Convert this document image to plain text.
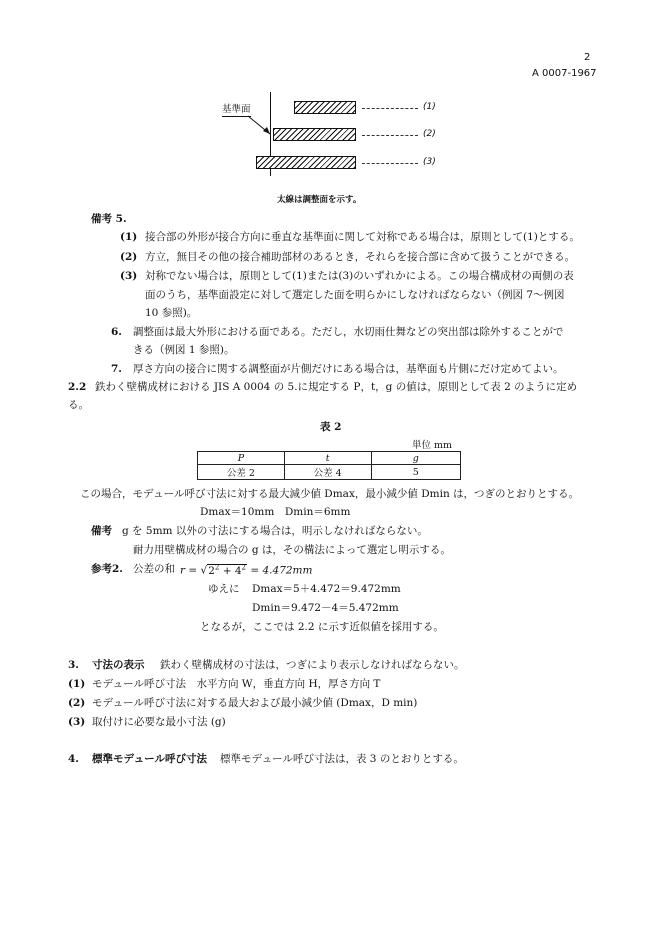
2
A 0007-1967
基準面	(1)
(2)
(3)
太線は調整面を示す。
備考 5.
(1) 接合部の外形が接合方向に垂直な基準面に関して対称である場合は，原則として(1)とする。
(2) 方立，無目その他の接合補助部材のあるとき，それらを接合部に含めて扱うことができる。
(3) 対称でない場合は，原則として(1)または(3)のいずれかによる。この場合構成材の両側の表
面のうち，基準面設定に対して選定した面を明らかにしなければならない（例図 7～例図
10 参照)。
6. 調整面は最大外形における面である。ただし，水切雨仕舞などの突出部は除外することがで
きる（例図 1 参照)。
7. 厚さ方向の接合に関する調整面が片側だけにある場合は，基準面も片側にだけ定めてよい。
2.2 鉄わく壁構成材における JIS A 0004 の 5.に規定する P，t，g の値は，原則として表 2 のように定め
る。
表 2
単位 mm
P	t	g
公差 2	公差 4	5
この場合，モデュール呼び寸法に対する最大減少値 Dmax，最小減少値 Dmin は，つぎのとおりとする。
Dmax＝10mm　Dmin＝6mm
備考 g を 5mm 以外の寸法にする場合は，明示しなければならない。
耐力用壁構成材の場合の g は，その構法によって選定し明示する。
参考2. 公差の和 $r = √2^2 + 4^2 = 4.472mm$
ゆえに Dmax＝5＋4.472＝9.472mm
Dmin＝9.472－4＝5.472mm
となるが，ここでは 2.2 に示す近似値を採用する。
3. 寸法の表示 鉄わく壁構成材の寸法は，つぎにより表示しなければならない。
(1) モデュール呼び寸法　水平方向 W，垂直方向 H，厚さ方向 T
(2) モデュール呼び寸法に対する最大および最小減少値 (Dmax，D min)
(3) 取付けに必要な最小寸法 (g)
4. 標準モデュール呼び寸法 標準モデュール呼び寸法は，表 3 のとおりとする。
